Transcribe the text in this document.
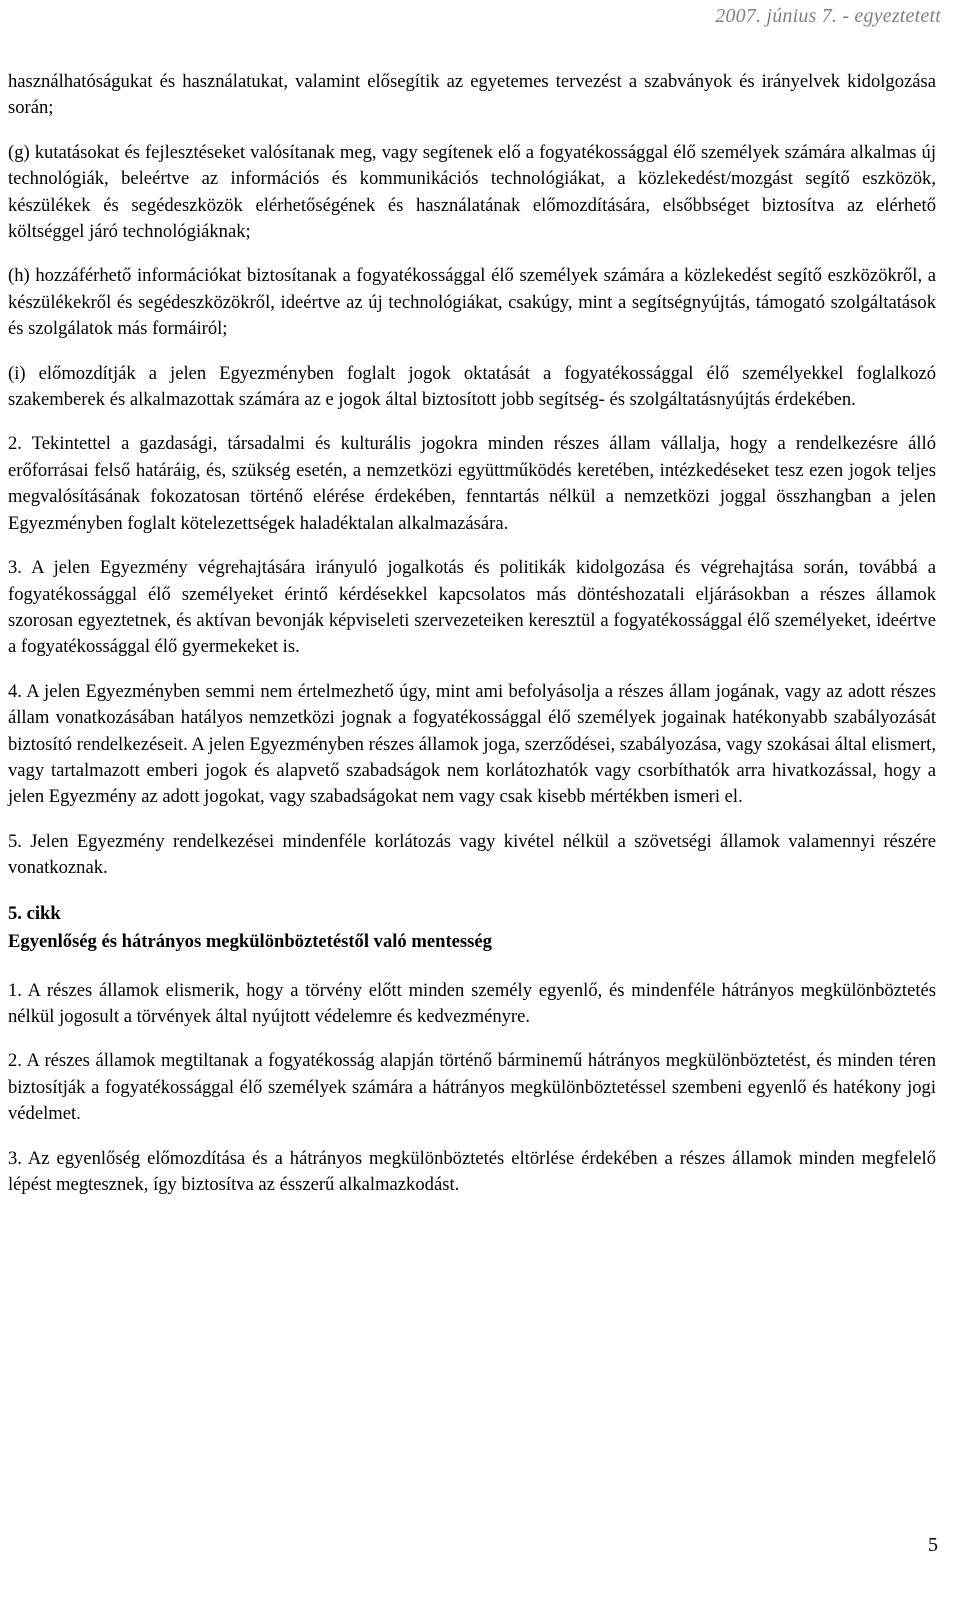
2007. június 7. - egyeztetett

használhatóságukat és használatukat, valamint elősegítik az egyetemes tervezést a szabványok és irányelvek kidolgozása során;

(g) kutatásokat és fejlesztéseket valósítanak meg, vagy segítenek elő a fogyatékossággal élő személyek számára alkalmas új technológiák, beleértve az információs és kommunikációs technológiákat, a közlekedést/mozgást segítő eszközök, készülékek és segédeszközök elérhetőségének és használatának előmozdítására, elsőbbséget biztosítva az elérhető költséggel járó technológiáknak;

(h) hozzáférhető információkat biztosítanak a fogyatékossággal élő személyek számára a közlekedést segítő eszközökről, a készülékekről és segédeszközökről, ideértve az új technológiákat, csakúgy, mint a segítségnyújtás, támogató szolgáltatások és szolgálatok más formáiról;

(i) előmozdítják a jelen Egyezményben foglalt jogok oktatását a fogyatékossággal élő személyekkel foglalkozó szakemberek és alkalmazottak számára az e jogok által biztosított jobb segítség- és szolgáltatásnyújtás érdekében.

2. Tekintettel a gazdasági, társadalmi és kulturális jogokra minden részes állam vállalja, hogy a rendelkezésre álló erőforrásai felső határáig, és, szükség esetén, a nemzetközi együttműködés keretében, intézkedéseket tesz ezen jogok teljes megvalósításának fokozatosan történő elérése érdekében, fenntartás nélkül a nemzetközi joggal összhangban a jelen Egyezményben foglalt kötelezettségek haladéktalan alkalmazására.

3. A jelen Egyezmény végrehajtására irányuló jogalkotás és politikák kidolgozása és végrehajtása során, továbbá a fogyatékossággal élő személyeket érintő kérdésekkel kapcsolatos más döntéshozatali eljárásokban a részes államok szorosan egyeztetnek, és aktívan bevonják képviseleti szervezeteiken keresztül a fogyatékossággal élő személyeket, ideértve a fogyatékossággal élő gyermekeket is.

4. A jelen Egyezményben semmi nem értelmezhető úgy, mint ami befolyásolja a részes állam jogának, vagy az adott részes állam vonatkozásában hatályos nemzetközi jognak a fogyatékossággal élő személyek jogainak hatékonyabb szabályozását biztosító rendelkezéseit. A jelen Egyezményben részes államok joga, szerződései, szabályozása, vagy szokásai által elismert, vagy tartalmazott emberi jogok és alapvető szabadságok nem korlátozhatók vagy csorbíthatók arra hivatkozással, hogy a jelen Egyezmény az adott jogokat, vagy szabadságokat nem vagy csak kisebb mértékben ismeri el.

5. Jelen Egyezmény rendelkezései mindenféle korlátozás vagy kivétel nélkül a szövetségi államok valamennyi részére vonatkoznak.

5. cikk
Egyenlőség és hátrányos megkülönböztetéstől való mentesség

1. A részes államok elismerik, hogy a törvény előtt minden személy egyenlő, és mindenféle hátrányos megkülönböztetés nélkül jogosult a törvények által nyújtott védelemre és kedvezményre.

2. A részes államok megtiltanak a fogyatékosság alapján történő bárminemű hátrányos megkülönböztetést, és minden téren biztosítják a fogyatékossággal élő személyek számára a hátrányos megkülönböztetéssel szembeni egyenlő és hatékony jogi védelmet.

3. Az egyenlőség előmozdítása és a hátrányos megkülönböztetés eltörlése érdekében a részes államok minden megfelelő lépést megtesznek, így biztosítva az ésszerű alkalmazkodást.

5
